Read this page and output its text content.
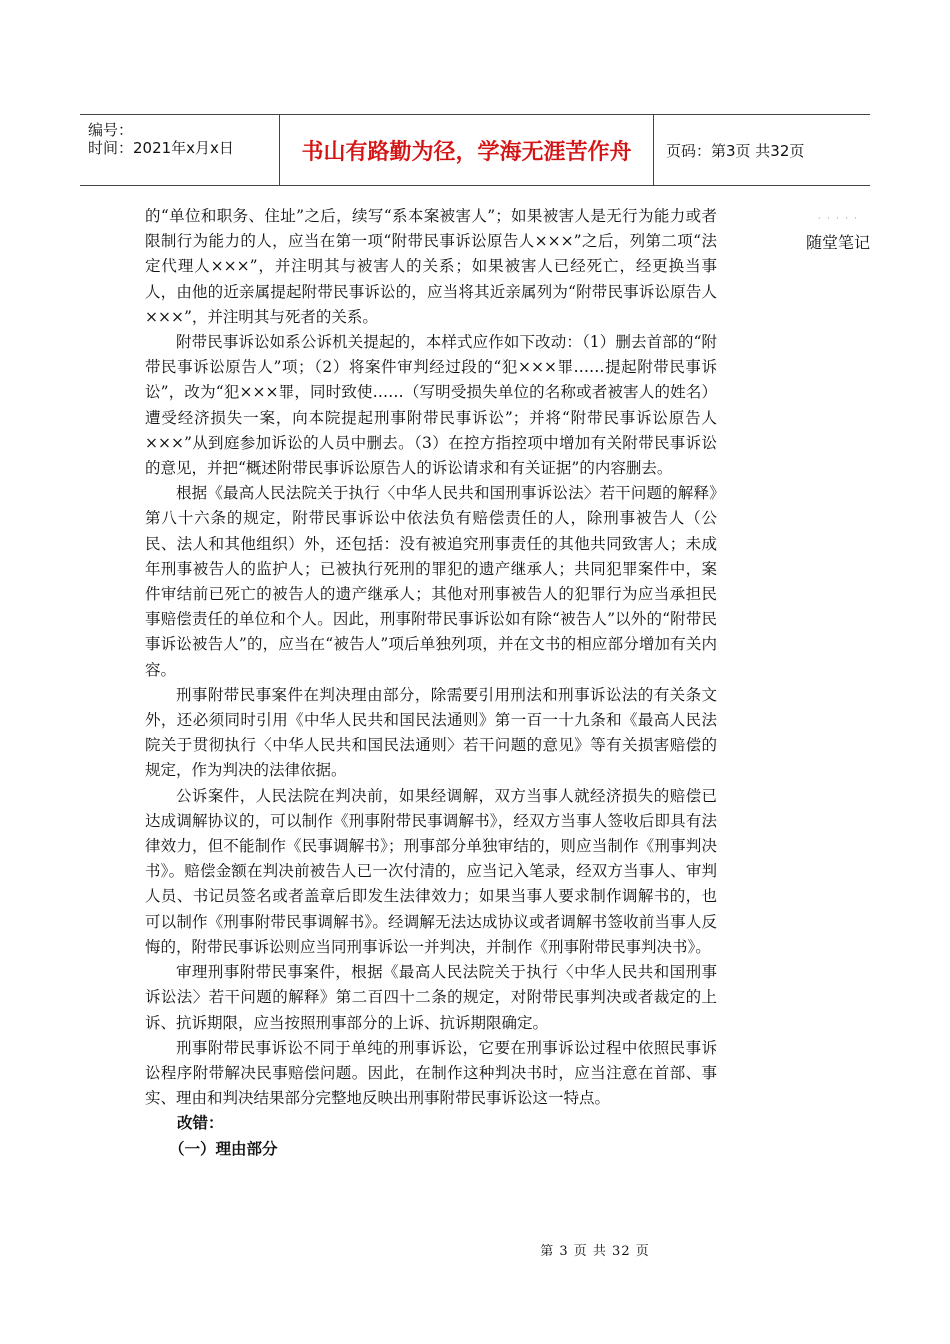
编号：
时间：2021年x月x日	书山有路勤为径，学海无涯苦作舟	页码：第3页 共32页
· · · · ·
随堂笔记

的“单位和职务、住址”之后，续写“系本案被害人”；如果被害人是无行为能力或者限制行为能力的人，应当在第一项“附带民事诉讼原告人×××”之后，列第二项“法定代理人×××”，并注明其与被害人的关系；如果被害人已经死亡，经更换当事人，由他的近亲属提起附带民事诉讼的，应当将其近亲属列为“附带民事诉讼原告人×××”，并注明其与死者的关系。

附带民事诉讼如系公诉机关提起的，本样式应作如下改动：（1）删去首部的“附带民事诉讼原告人”项；（2）将案件审判经过段的“犯×××罪……提起附带民事诉讼”，改为“犯×××罪，同时致使……（写明受损失单位的名称或者被害人的姓名）遭受经济损失一案，向本院提起刑事附带民事诉讼”；并将“附带民事诉讼原告人×××”从到庭参加诉讼的人员中删去。（3）在控方指控项中增加有关附带民事诉讼的意见，并把“概述附带民事诉讼原告人的诉讼请求和有关证据”的内容删去。

根据《最高人民法院关于执行〈中华人民共和国刑事诉讼法〉若干问题的解释》第八十六条的规定，附带民事诉讼中依法负有赔偿责任的人，除刑事被告人（公民、法人和其他组织）外，还包括：没有被追究刑事责任的其他共同致害人；未成年刑事被告人的监护人；已被执行死刑的罪犯的遗产继承人；共同犯罪案件中，案件审结前已死亡的被告人的遗产继承人；其他对刑事被告人的犯罪行为应当承担民事赔偿责任的单位和个人。因此，刑事附带民事诉讼如有除“被告人”以外的“附带民事诉讼被告人”的，应当在“被告人”项后单独列项，并在文书的相应部分增加有关内容。

刑事附带民事案件在判决理由部分，除需要引用刑法和刑事诉讼法的有关条文外，还必须同时引用《中华人民共和国民法通则》第一百一十九条和《最高人民法院关于贯彻执行〈中华人民共和国民法通则〉若干问题的意见》等有关损害赔偿的规定，作为判决的法律依据。

公诉案件，人民法院在判决前，如果经调解，双方当事人就经济损失的赔偿已达成调解协议的，可以制作《刑事附带民事调解书》，经双方当事人签收后即具有法律效力，但不能制作《民事调解书》；刑事部分单独审结的，则应当制作《刑事判决书》。赔偿金额在判决前被告人已一次付清的，应当记入笔录，经双方当事人、审判人员、书记员签名或者盖章后即发生法律效力；如果当事人要求制作调解书的，也可以制作《刑事附带民事调解书》。经调解无法达成协议或者调解书签收前当事人反悔的，附带民事诉讼则应当同刑事诉讼一并判决，并制作《刑事附带民事判决书》。

审理刑事附带民事案件，根据《最高人民法院关于执行〈中华人民共和国刑事诉讼法〉若干问题的解释》第二百四十二条的规定，对附带民事判决或者裁定的上诉、抗诉期限，应当按照刑事部分的上诉、抗诉期限确定。

刑事附带民事诉讼不同于单纯的刑事诉讼，它要在刑事诉讼过程中依照民事诉讼程序附带解决民事赔偿问题。因此，在制作这种判决书时，应当注意在首部、事实、理由和判决结果部分完整地反映出刑事附带民事诉讼这一特点。

改错：

（一）理由部分

第 3 页 共 32 页
